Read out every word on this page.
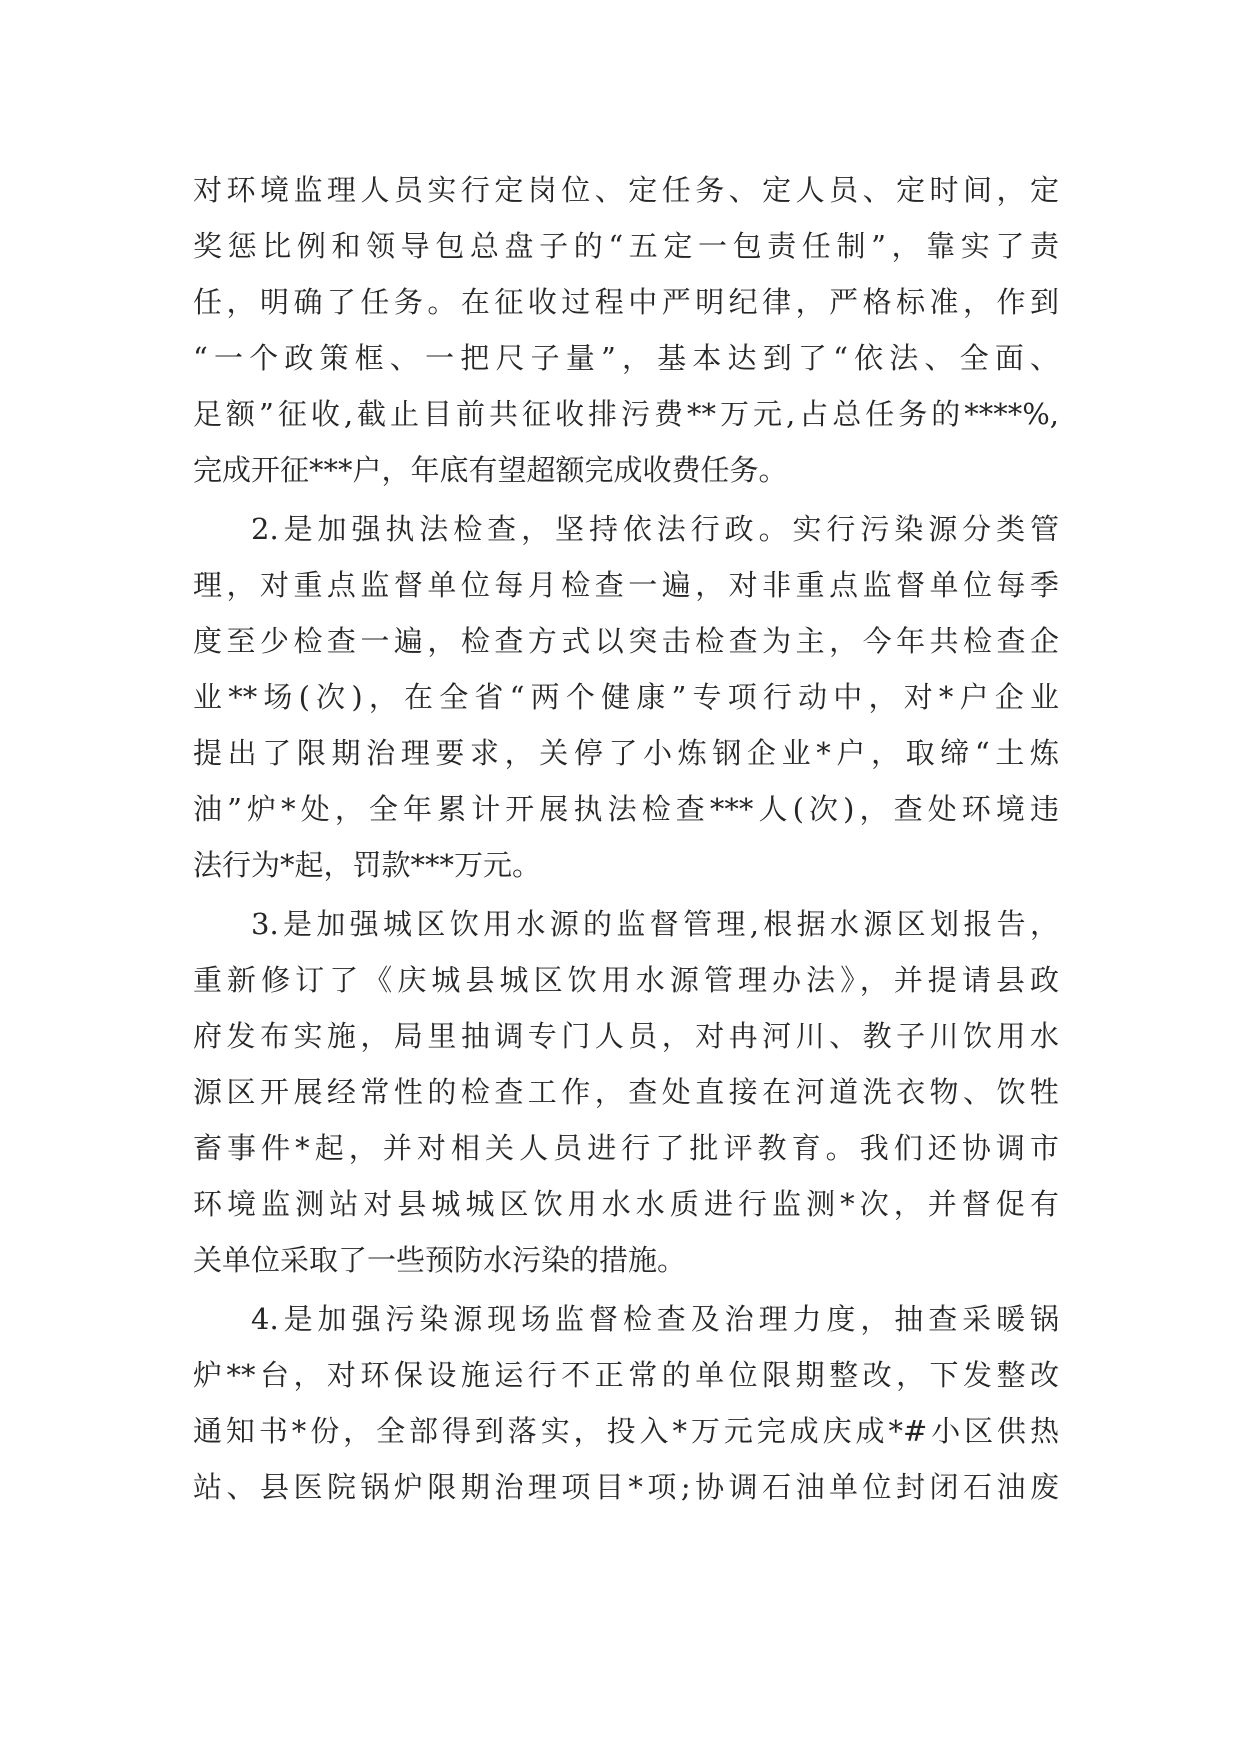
对环境监理人员实行定岗位、定任务、定人员、定时间，定
奖惩比例和领导包总盘子的“五定一包责任制”，靠实了责
任，明确了任务。在征收过程中严明纪律，严格标准，作到
“一个政策框、一把尺子量”，基本达到了“依法、全面、
足额”征收,截止目前共征收排污费**万元,占总任务的****%,
完成开征***户，年底有望超额完成收费任务。
2.是加强执法检查，坚持依法行政。实行污染源分类管
理，对重点监督单位每月检查一遍，对非重点监督单位每季
度至少检查一遍，检查方式以突击检查为主，今年共检查企
业**场(次)，在全省“两个健康”专项行动中，对*户企业
提出了限期治理要求，关停了小炼钢企业*户，取缔“土炼
油”炉*处，全年累计开展执法检查***人(次)，查处环境违
法行为*起，罚款***万元。
3.是加强城区饮用水源的监督管理,根据水源区划报告，
重新修订了《庆城县城区饮用水源管理办法》，并提请县政
府发布实施，局里抽调专门人员，对冉河川、教子川饮用水
源区开展经常性的检查工作，查处直接在河道洗衣物、饮牲
畜事件*起，并对相关人员进行了批评教育。我们还协调市
环境监测站对县城城区饮用水水质进行监测*次，并督促有
关单位采取了一些预防水污染的措施。
4.是加强污染源现场监督检查及治理力度，抽查采暖锅
炉**台，对环保设施运行不正常的单位限期整改，下发整改
通知书*份，全部得到落实，投入*万元完成庆成*#小区供热
站、县医院锅炉限期治理项目*项;协调石油单位封闭石油废
